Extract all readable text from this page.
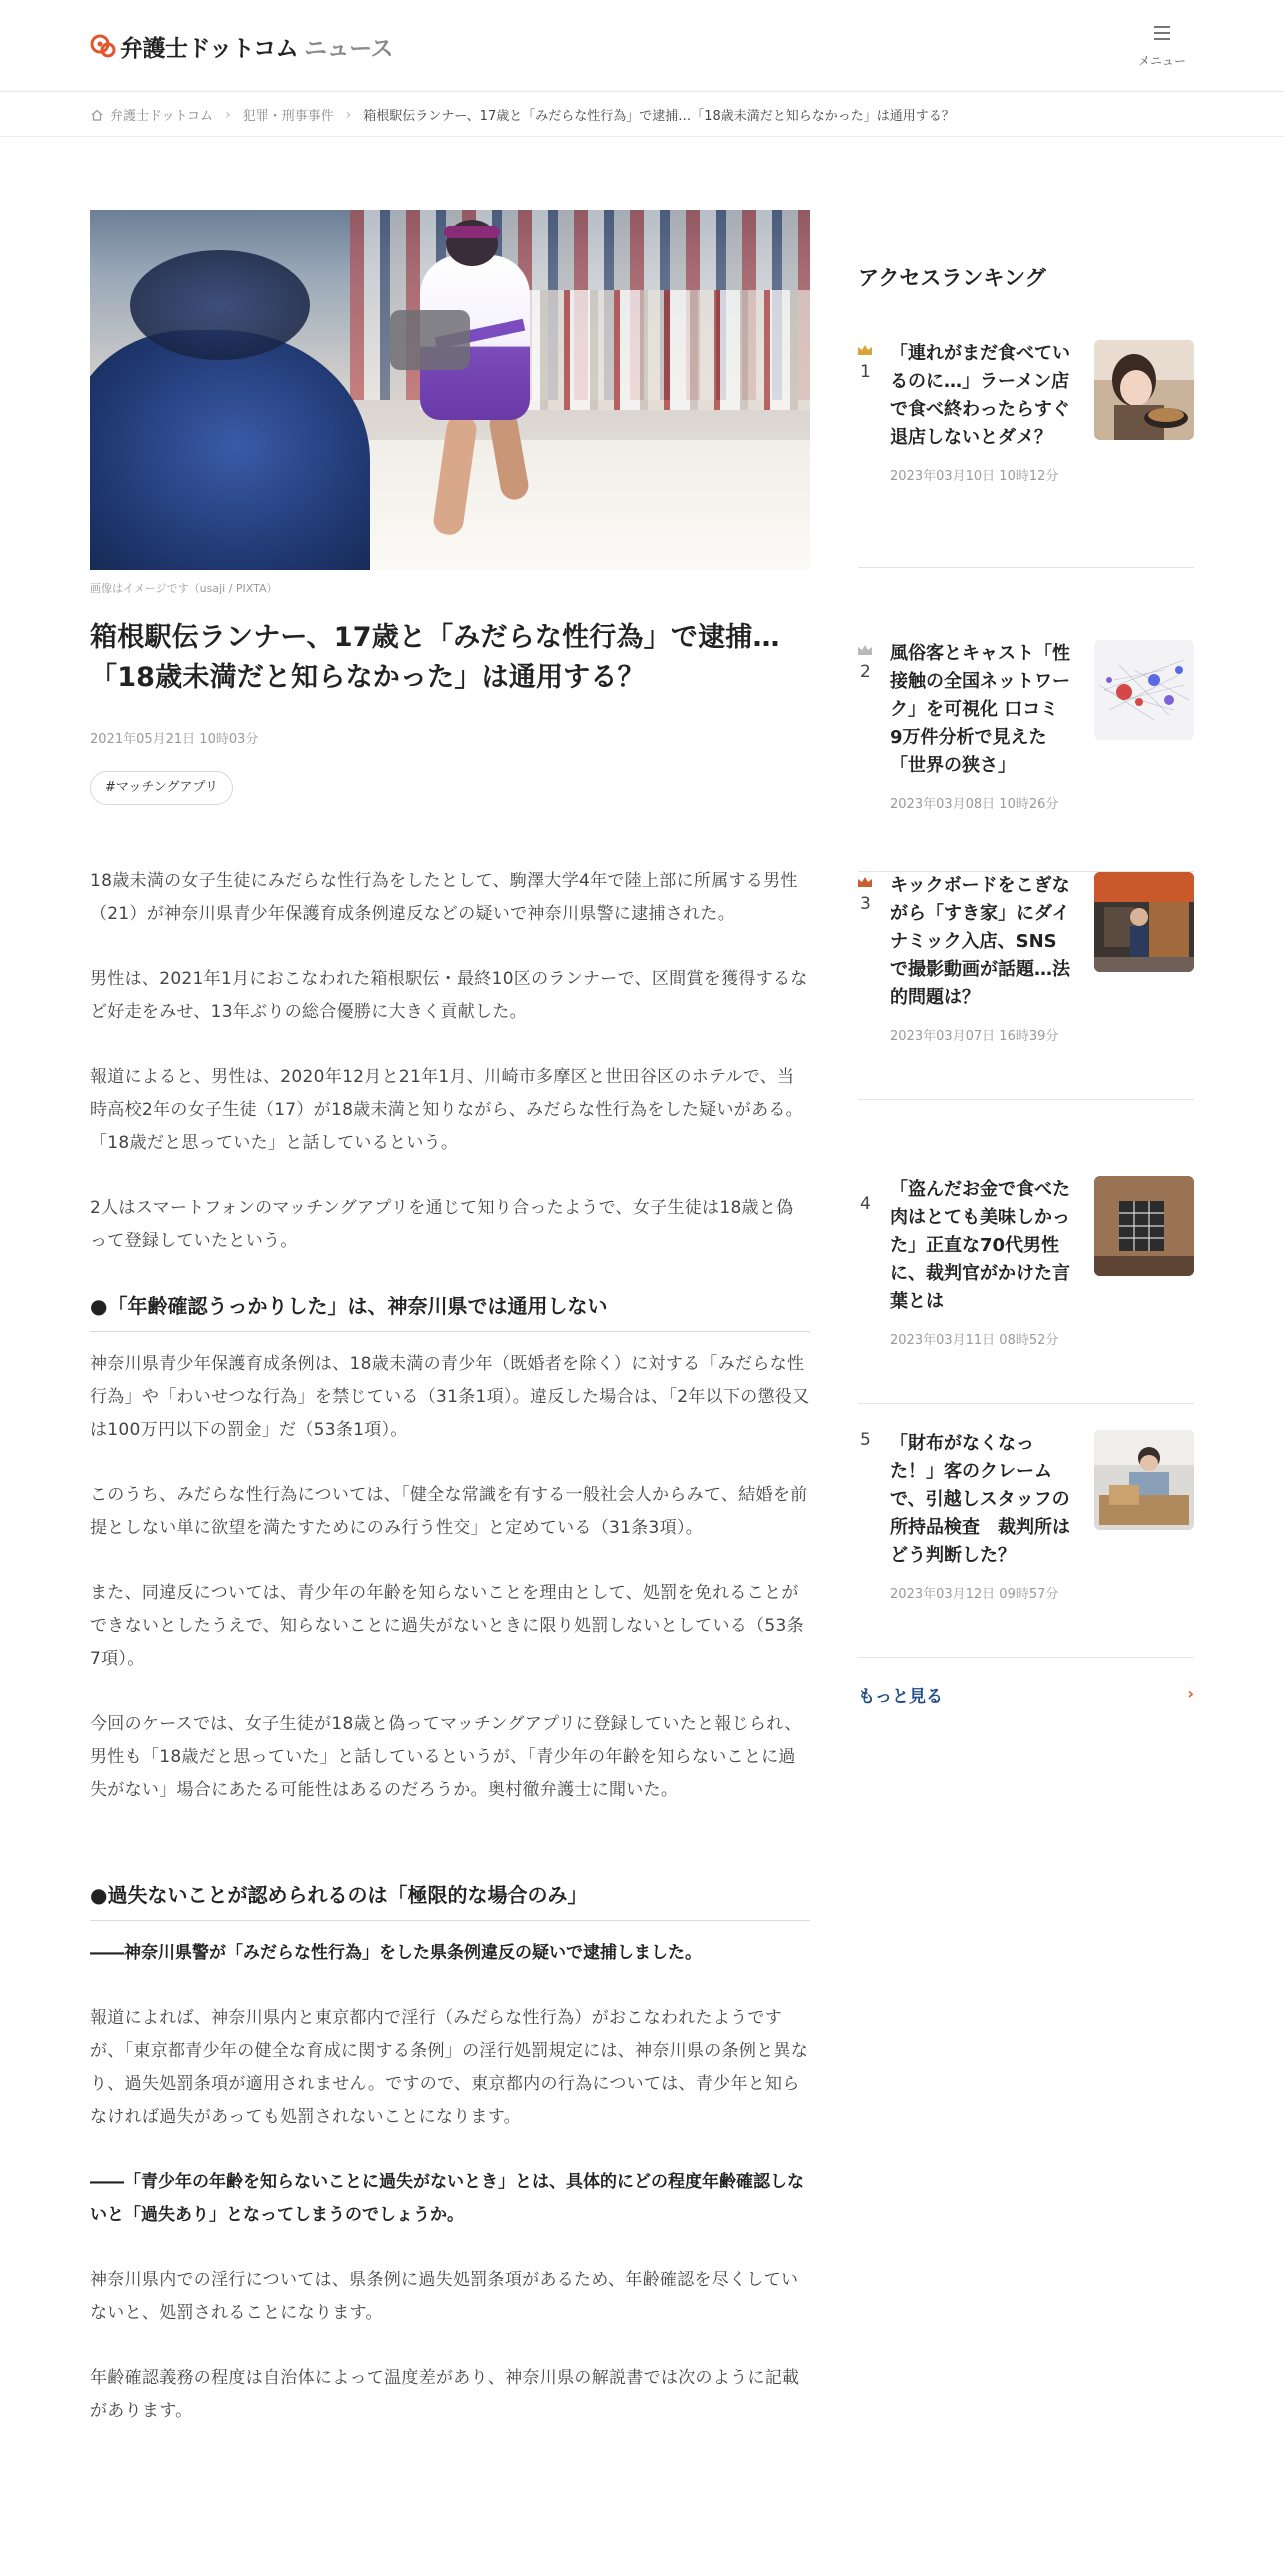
弁護士ドットコム ニュース	メニュー
弁護士ドットコム › 犯罪・刑事事件 › 箱根駅伝ランナー、17歳と「みだらな性行為」で逮捕…「18歳未満だと知らなかった」は通用する？
画像はイメージです（usaji / PIXTA）
箱根駅伝ランナー、17歳と「みだらな性行為」で逮捕…「18歳未満だと知らなかった」は通用する？
2021年05月21日 10時03分
#マッチングアプリ

18歳未満の女子生徒にみだらな性行為をしたとして、駒澤大学4年で陸上部に所属する男性（21）が神奈川県青少年保護育成条例違反などの疑いで神奈川県警に逮捕された。

男性は、2021年1月におこなわれた箱根駅伝・最終10区のランナーで、区間賞を獲得するなど好走をみせ、13年ぶりの総合優勝に大きく貢献した。

報道によると、男性は、2020年12月と21年1月、川崎市多摩区と世田谷区のホテルで、当時高校2年の女子生徒（17）が18歳未満と知りながら、みだらな性行為をした疑いがある。「18歳だと思っていた」と話しているという。

2人はスマートフォンのマッチングアプリを通じて知り合ったようで、女子生徒は18歳と偽って登録していたという。

●「年齢確認うっかりした」は、神奈川県では通用しない

神奈川県青少年保護育成条例は、18歳未満の青少年（既婚者を除く）に対する「みだらな性行為」や「わいせつな行為」を禁じている（31条1項）。違反した場合は、「2年以下の懲役又は100万円以下の罰金」だ（53条1項）。

このうち、みだらな性行為については、「健全な常識を有する一般社会人からみて、結婚を前提としない単に欲望を満たすためにのみ行う性交」と定めている（31条3項）。

また、同違反については、青少年の年齢を知らないことを理由として、処罰を免れることができないとしたうえで、知らないことに過失がないときに限り処罰しないとしている（53条7項）。

今回のケースでは、女子生徒が18歳と偽ってマッチングアプリに登録していたと報じられ、男性も「18歳だと思っていた」と話しているというが、「青少年の年齢を知らないことに過失がない」場合にあたる可能性はあるのだろうか。奥村徹弁護士に聞いた。

●過失ないことが認められるのは「極限的な場合のみ」

――神奈川県警が「みだらな性行為」をした県条例違反の疑いで逮捕しました。

報道によれば、神奈川県内と東京都内で淫行（みだらな性行為）がおこなわれたようですが、「東京都青少年の健全な育成に関する条例」の淫行処罰規定には、神奈川県の条例と異なり、過失処罰条項が適用されません。ですので、東京都内の行為については、青少年と知らなければ過失があっても処罰されないことになります。

――「青少年の年齢を知らないことに過失がないとき」とは、具体的にどの程度年齢確認しないと「過失あり」となってしまうのでしょうか。

神奈川県内での淫行については、県条例に過失処罰条項があるため、年齢確認を尽くしていないと、処罰されることになります。

年齢確認義務の程度は自治体によって温度差があり、神奈川県の解説書では次のように記載があります。

アクセスランキング
1
「連れがまだ食べているのに…」ラーメン店で食べ終わったらすぐ退店しないとダメ？
2023年03月10日 10時12分
2
風俗客とキャスト「性接触の全国ネットワーク」を可視化 口コミ9万件分析で見えた「世界の狭さ」
2023年03月08日 10時26分
3
キックボードをこぎながら「すき家」にダイナミック入店、SNSで撮影動画が話題…法的問題は？
2023年03月07日 16時39分
4
「盗んだお金で食べた肉はとても美味しかった」正直な70代男性に、裁判官がかけた言葉とは
2023年03月11日 08時52分
5 「財布がなくなった！」客のクレームで、引越しスタッフの所持品検査　裁判所はどう判断した？
2023年03月12日 09時57分
もっと見る	›
